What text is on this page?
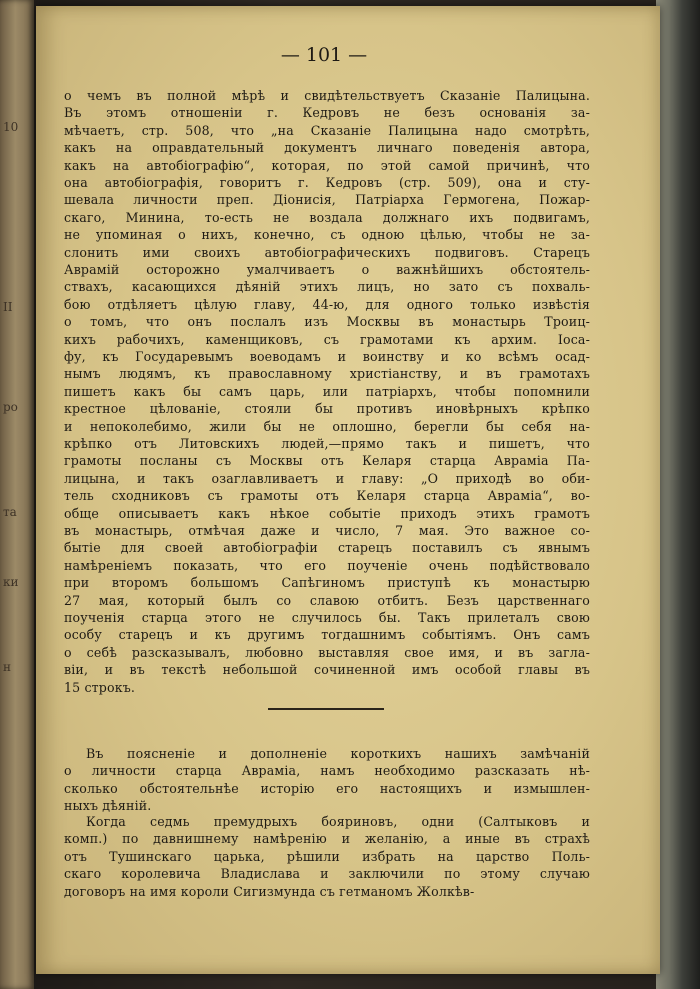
10
II
ро
та
ки
н
— 101 —
о чемъ въ полной мѣрѣ и свидѣтельствуетъ Сказаніе Палицына.
Въ этомъ отношеніи г. Кедровъ не безъ основанія за-
мѣчаетъ, стр. 508, что „на Сказаніе Палицына надо смотрѣть,
какъ на оправдательный документъ личнаго поведенія автора,
какъ на автобіографію“, которая, по этой самой причинѣ, что
она автобіографія, говоритъ г. Кедровъ (стр. 509), она и сту-
шевала личности преп. Діонисія, Патріарха Гермогена, Пожар-
скаго, Минина, то-есть не воздала должнаго ихъ подвигамъ,
не упоминая о нихъ, конечно, съ одною цѣлью, чтобы не за-
слонить ими своихъ автобіографическихъ подвиговъ. Старецъ
Аврамій осторожно умалчиваетъ о важнѣйшихъ обстоятель-
ствахъ, касающихся дѣяній этихъ лицъ, но зато съ похваль-
бою отдѣляетъ цѣлую главу, 44-ю, для одного только извѣстія
о томъ, что онъ послалъ изъ Москвы въ монастырь Троиц-
кихъ рабочихъ, каменщиковъ, съ грамотами къ архим. Іоса-
фу, къ Государевымъ воеводамъ и воинству и ко всѣмъ осад-
нымъ людямъ, къ православному христіанству, и въ грамотахъ
пишетъ какъ бы самъ царь, или патріархъ, чтобы попомнили
крестное цѣлованіе, стояли бы противъ иновѣрныхъ крѣпко
и непоколебимо, жили бы не оплошно, берегли бы себя на-
крѣпко отъ Литовскихъ людей,—прямо такъ и пишетъ, что
грамоты посланы съ Москвы отъ Келаря старца Авраміа Па-
лицына, и такъ озаглавливаетъ и главу: „О приходѣ во оби-
тель сходниковъ съ грамоты отъ Келаря старца Авраміа“, во-
обще описываетъ какъ нѣкое событіе приходъ этихъ грамотъ
въ монастырь, отмѣчая даже и число, 7 мая. Это важное со-
бытіе для своей автобіографіи старецъ поставилъ съ явнымъ
намѣреніемъ показать, что его поученіе очень подѣйствовало
при второмъ большомъ Сапѣгиномъ приступѣ къ монастырю
27 мая, который былъ со славою отбитъ. Безъ царственнаго
поученія старца этого не случилось бы. Такъ прилеталъ свою
особу старецъ и къ другимъ тогдашнимъ событіямъ. Онъ самъ
о себѣ разсказывалъ, любовно выставляя свое имя, и въ загла-
віи, и въ текстѣ небольшой сочиненной имъ особой главы въ
15 строкъ.
Въ поясненіе и дополненіе короткихъ нашихъ замѣчаній
о личности старца Авраміа, намъ необходимо разсказать нѣ-
сколько обстоятельнѣе исторію его настоящихъ и измышлен-
ныхъ дѣяній.
Когда седмь премудрыхъ бояриновъ, одни (Салтыковъ и
комп.) по давнишнему намѣренію и желанію, а иные въ страхѣ
отъ Тушинскаго царька, рѣшили избрать на царство Поль-
скаго королевича Владислава и заключили по этому случаю
договоръ на имя короли Сигизмунда съ гетманомъ Жолкѣв-
